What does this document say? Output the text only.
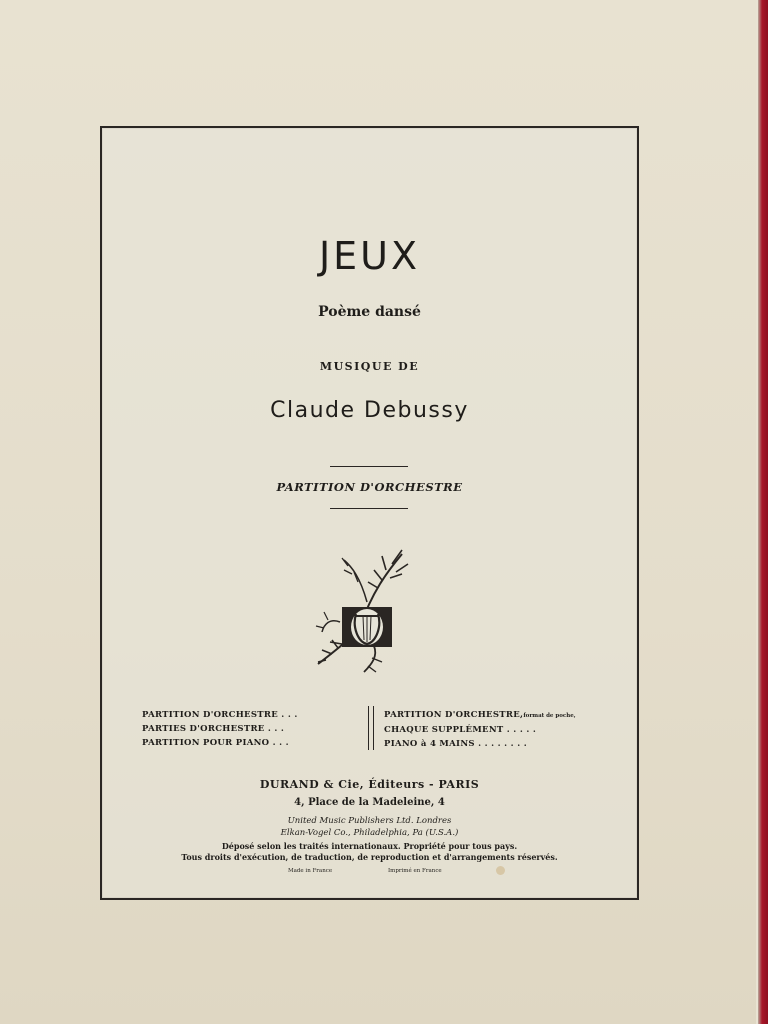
JEUX
Poème dansé
MUSIQUE DE
Claude Debussy
PARTITION D'ORCHESTRE
PARTITION D'ORCHESTRE . . .
PARTIES D'ORCHESTRE . . .
PARTITION POUR PIANO . . .
PARTITION D'ORCHESTRE,format de poche,
CHAQUE SUPPLÉMENT . . . . .
PIANO à 4 MAINS . . . . . . . .
DURAND & Cie, Éditeurs - PARIS
4, Place de la Madeleine, 4
United Music Publishers Ltd. Londres
Elkan-Vogel Co., Philadelphia, Pa (U.S.A.)
Déposé selon les traités internationaux. Propriété pour tous pays.
Tous droits d'exécution, de traduction, de reproduction et d'arrangements réservés.
Made in France	Imprimé en France
